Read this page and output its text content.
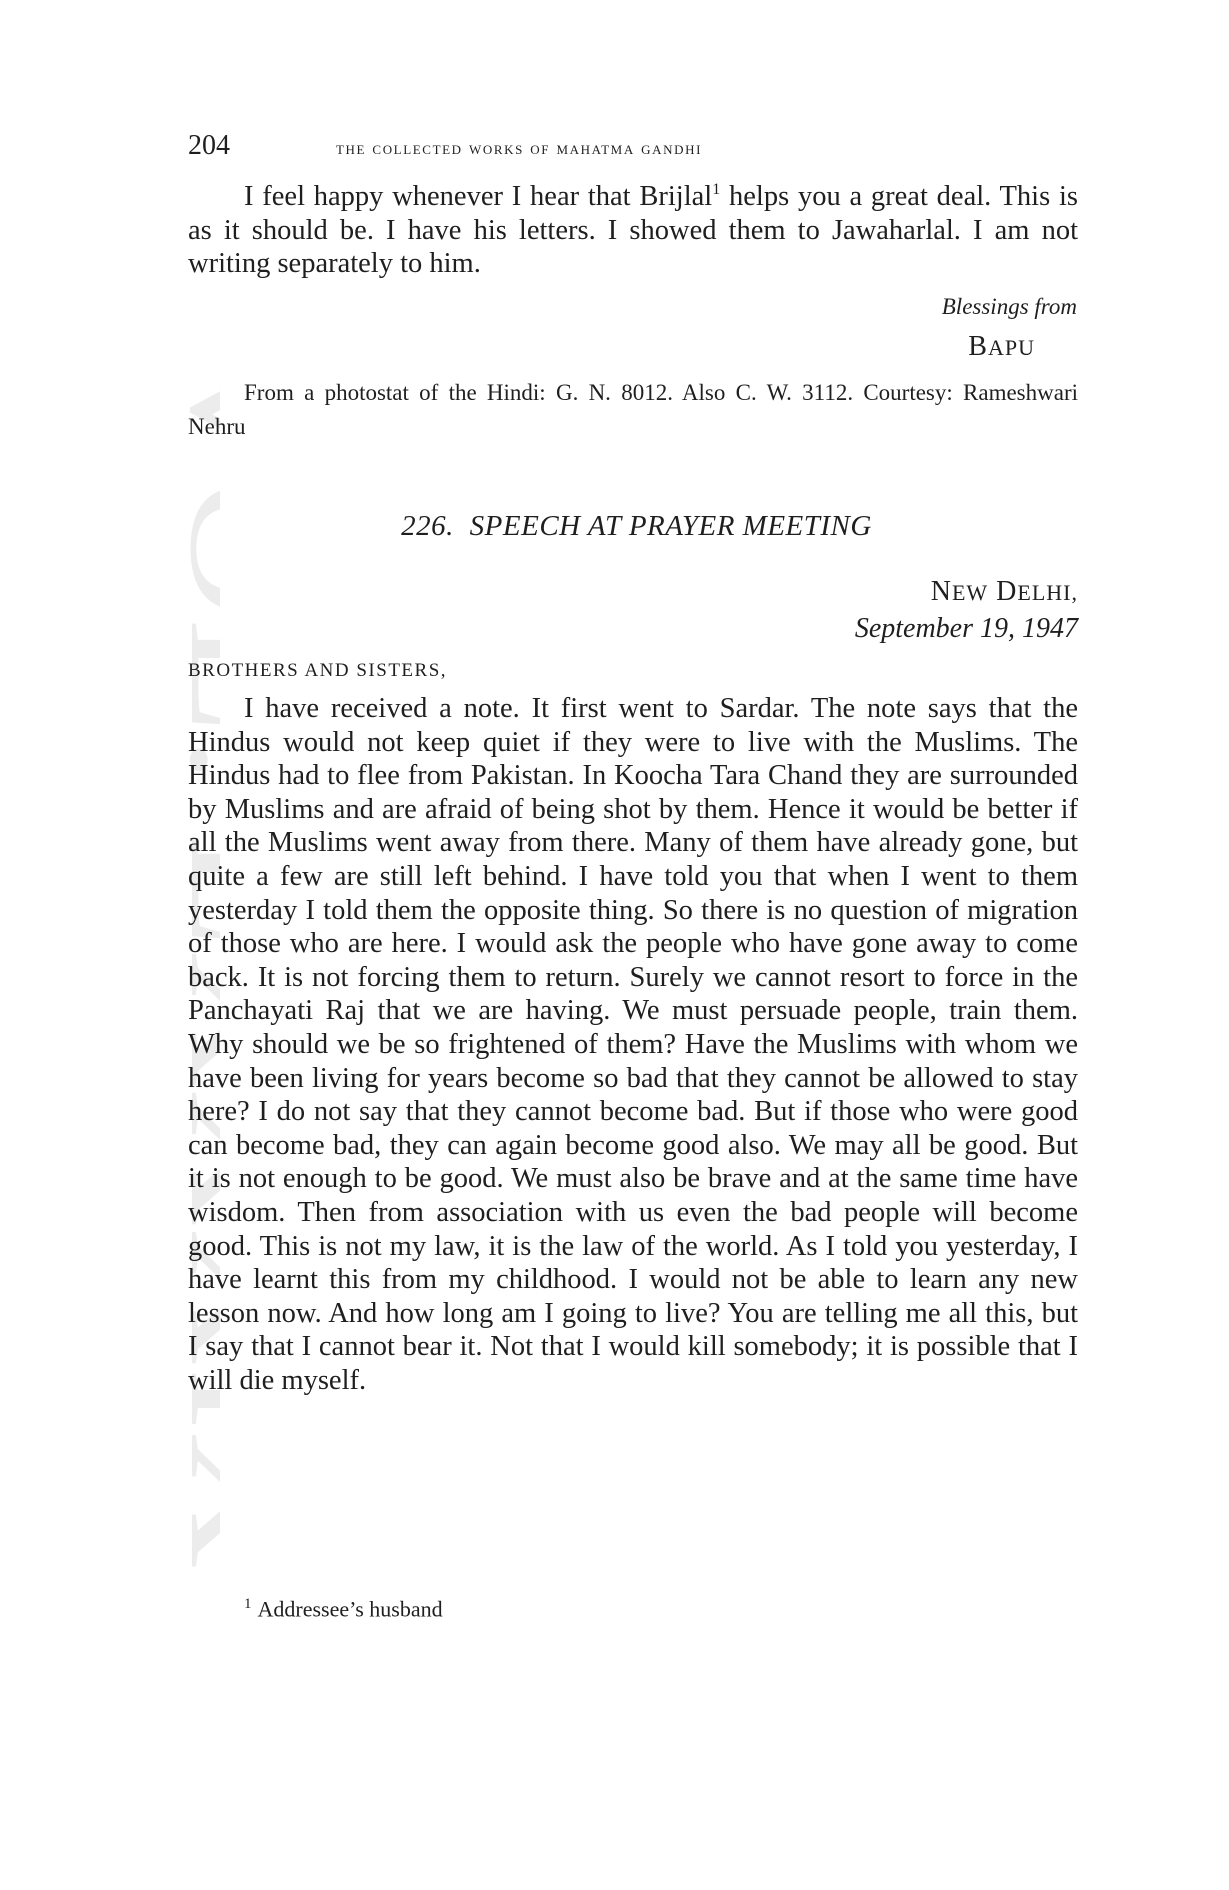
VOL. LXXXIX
204	the collected works of mahatma gandhi
I feel happy whenever I hear that Brijlal$^1$ helps you a great deal. This is as it should be. I have his letters. I showed them to Jawaharlal. I am not writing separately to him.
Blessings from
BAPU
From a photostat of the Hindi: G. N. 8012. Also C. W. 3112. Courtesy: Rameshwari Nehru
226. SPEECH AT PRAYER MEETING
NEW DELHI,
September 19, 1947
BROTHERS AND SISTERS,
I have received a note. It first went to Sardar. The note says that the Hindus would not keep quiet if they were to live with the Muslims. The Hindus had to flee from Pakistan. In Koocha Tara Chand they are surrounded by Muslims and are afraid of being shot by them. Hence it would be better if all the Muslims went away from there. Many of them have already gone, but quite a few are still left behind. I have told you that when I went to them yesterday I told them the opposite thing. So there is no question of migration of those who are here. I would ask the people who have gone away to come back. It is not forcing them to return. Surely we cannot resort to force in the Panchayati Raj that we are having. We must persuade people, train them. Why should we be so frightened of them? Have the Muslims with whom we have been living for years become so bad that they cannot be allowed to stay here? I do not say that they cannot become bad. But if those who were good can become bad, they can again become good also. We may all be good. But it is not enough to be good. We must also be brave and at the same time have wisdom. Then from association with us even the bad people will become good. This is not my law, it is the law of the world. As I told you yesterday, I have learnt this from my childhood. I would not be able to learn any new lesson now. And how long am I going to live? You are telling me all this, but I say that I cannot bear it. Not that I would kill somebody; it is possible that I will die myself.
$^1$ Addressee’s husband
